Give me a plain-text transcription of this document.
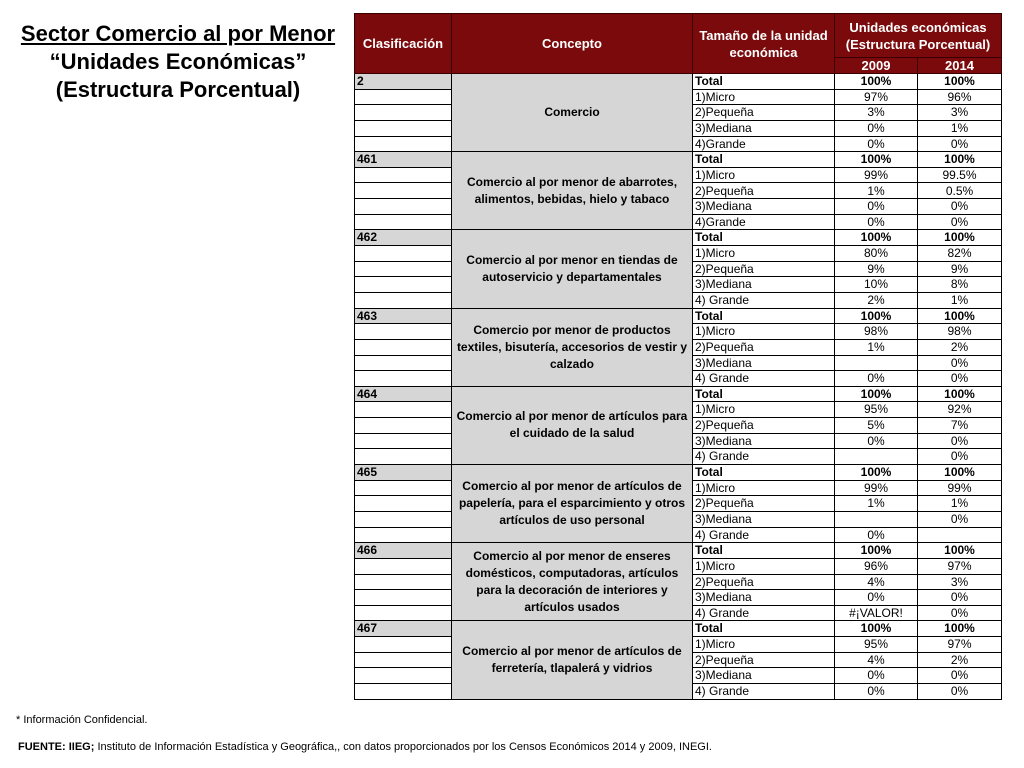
Sector Comercio al por Menor
“Unidades Económicas”
(Estructura Porcentual)
Clasificación	Concepto	Tamaño de la unidad económica	Unidades económicas (Estructura Porcentual)	
			2009	2014
2	Comercio	Total	100%	100%
		1)Micro	97%	96%
		2)Pequeña	3%	3%
		3)Mediana	0%	1%
		4)Grande	0%	0%
461	Comercio al por menor de abarrotes, alimentos, bebidas, hielo y tabaco	Total	100%	100%
		1)Micro	99%	99.5%
		2)Pequeña	1%	0.5%
		3)Mediana	0%	0%
		4)Grande	0%	0%
462	Comercio al por menor en tiendas de autoservicio y departamentales	Total	100%	100%
		1)Micro	80%	82%
		2)Pequeña	9%	9%
		3)Mediana	10%	8%
		4) Grande	2%	1%
463	Comercio por menor de productos textiles, bisutería, accesorios de vestir y calzado	Total	100%	100%
		1)Micro	98%	98%
		2)Pequeña	1%	2%
		3)Mediana		0%
		4) Grande	0%	0%
464	Comercio al por menor de artículos para el cuidado de la salud	Total	100%	100%
		1)Micro	95%	92%
		2)Pequeña	5%	7%
		3)Mediana	0%	0%
		4) Grande		0%
465	Comercio al por menor de artículos de papelería, para el esparcimiento y otros artículos de uso personal	Total	100%	100%
		1)Micro	99%	99%
		2)Pequeña	1%	1%
		3)Mediana		0%
		4) Grande	0%	
466	Comercio al por menor de enseres domésticos, computadoras, artículos para la decoración de interiores y artículos usados	Total	100%	100%
		1)Micro	96%	97%
		2)Pequeña	4%	3%
		3)Mediana	0%	0%
		4) Grande	#¡VALOR!	0%
467	Comercio al por menor de artículos de ferretería, tlapalerá y vidrios	Total	100%	100%
		1)Micro	95%	97%
		2)Pequeña	4%	2%
		3)Mediana	0%	0%
		4) Grande	0%	0%
* Información Confidencial.
FUENTE: IIEG; Instituto de Información Estadística y Geográfica,, con datos proporcionados por los Censos Económicos 2014 y 2009, INEGI.
